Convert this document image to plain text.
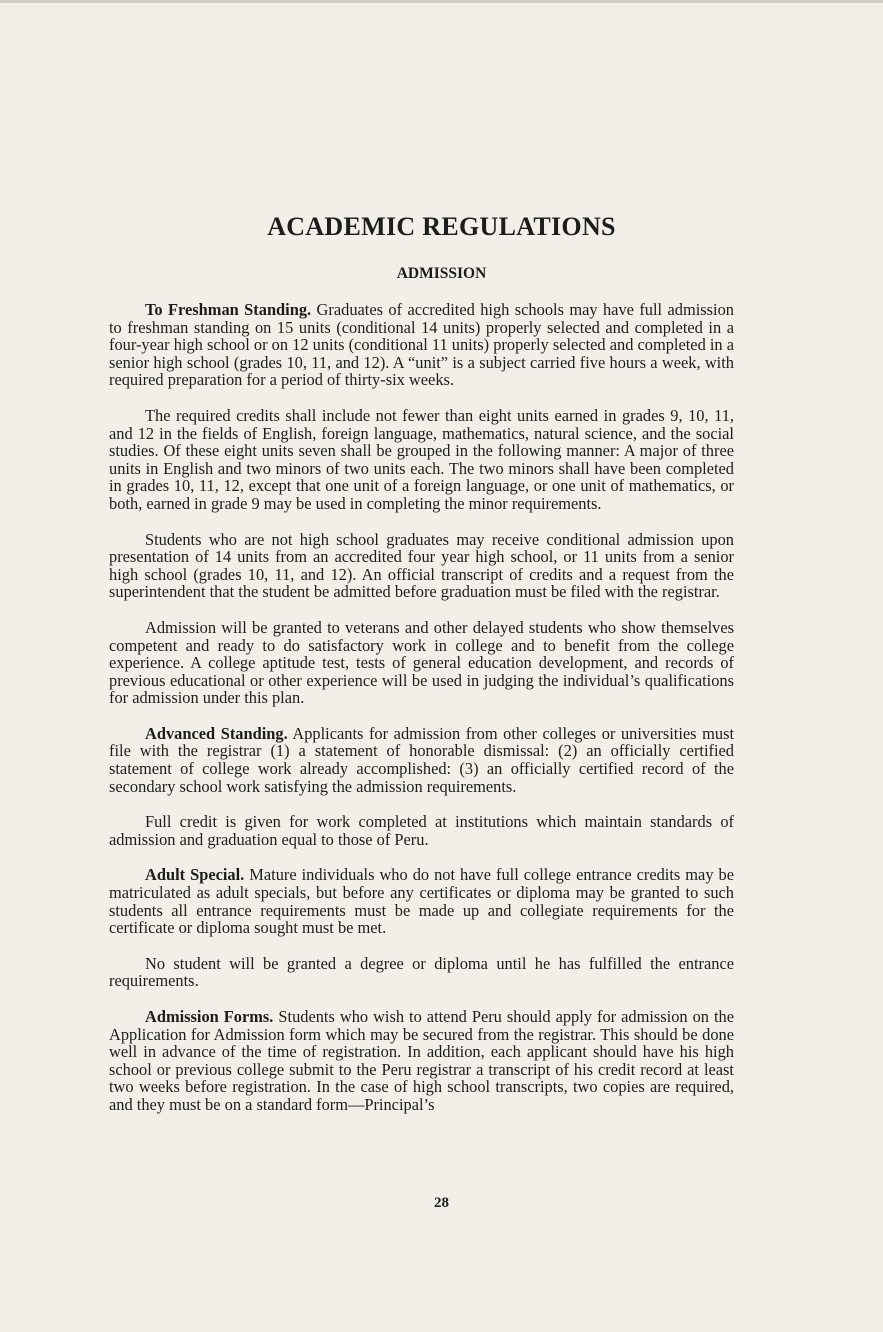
ACADEMIC REGULATIONS
ADMISSION

To Freshman Standing. Graduates of accredited high schools may have full admission to freshman standing on 15 units (conditional 14 units) properly selected and completed in a four-year high school or on 12 units (conditional 11 units) properly selected and completed in a senior high school (grades 10, 11, and 12). A “unit” is a subject carried five hours a week, with required preparation for a period of thirty-six weeks.

The required credits shall include not fewer than eight units earned in grades 9, 10, 11, and 12 in the fields of English, foreign language, mathematics, natural science, and the social studies. Of these eight units seven shall be grouped in the following manner: A major of three units in English and two minors of two units each. The two minors shall have been completed in grades 10, 11, 12, except that one unit of a foreign language, or one unit of mathematics, or both, earned in grade 9 may be used in completing the minor requirements.

Students who are not high school graduates may receive conditional admission upon presentation of 14 units from an accredited four year high school, or 11 units from a senior high school (grades 10, 11, and 12). An official transcript of credits and a request from the superintendent that the student be admitted before graduation must be filed with the registrar.

Admission will be granted to veterans and other delayed students who show themselves competent and ready to do satisfactory work in college and to benefit from the college experience. A college aptitude test, tests of general education development, and records of previous educational or other experience will be used in judging the individual’s qualifications for admission under this plan.

Advanced Standing. Applicants for admission from other colleges or universities must file with the registrar (1) a statement of honorable dismissal: (2) an officially certified statement of college work already accomplished: (3) an officially certified record of the secondary school work satisfying the admission requirements.

Full credit is given for work completed at institutions which maintain standards of admission and graduation equal to those of Peru.

Adult Special. Mature individuals who do not have full college entrance credits may be matriculated as adult specials, but before any certificates or diploma may be granted to such students all entrance requirements must be made up and collegiate requirements for the certificate or diploma sought must be met.

No student will be granted a degree or diploma until he has fulfilled the entrance requirements.

Admission Forms. Students who wish to attend Peru should apply for admission on the Application for Admission form which may be secured from the registrar. This should be done well in advance of the time of registration. In addition, each applicant should have his high school or previous college submit to the Peru registrar a transcript of his credit record at least two weeks before registration. In the case of high school transcripts, two copies are required, and they must be on a standard form—Principal’s

28
